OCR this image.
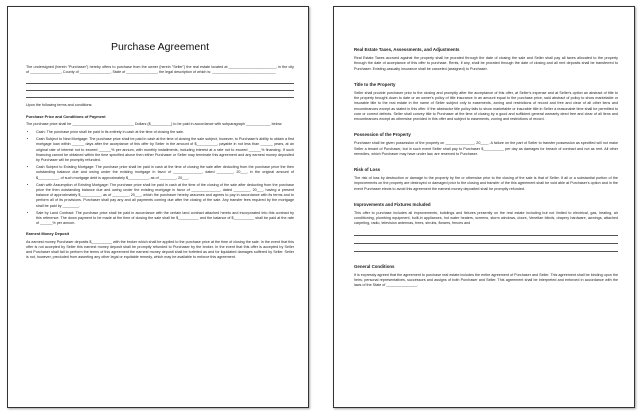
Purchase Agreement

The undersigned (herein "Purchaser") hereby offers to purchase from the owner (herein "Seller") the real estate located at _______________________, in the city of _______________, County of _______________, State of _______________, the legal description of which is: _______________________________

Upon the following terms and conditions:

Purchase Price and Conditions of Payment

The purchase price shall be ______________________________ Dollars ($__________) to be paid in accordance with subparagraph ____________ below:

• Cash: The purchase price shall be paid in its entirety in cash at the time of closing the sale.
• Cash Subject to New Mortgage: The purchase price shall be paid in cash at the time of closing the sale subject, however, to Purchaser's ability to obtain a first mortgage loan within ______ days after the acceptance of this offer by Seller in the amount of $__________, payable in not less than ______ years, at an original rate of interest not to exceed ______% per annum, with monthly installments, including interest at a rate not to exceed ______% financing. If such financing cannot be obtained within the time specified above then either Purchaser or Seller may terminate this agreement and any earnest money deposited by Purchaser will be promptly refunded.
• Cash Subject to Existing Mortgage: The purchase price shall be paid in cash at the time of closing the sale after deducting from the purchase price the then outstanding balance due and owing under the existing mortgage in favor of ______________, dated ________, 20___, in the original amount of $__________, of such mortgage debt is approximately $__________, as of ________, 20___.
• Cash with Assumption of Existing Mortgage: The purchase price shall be paid in cash at the time of the closing of the sale after deducting from the purchase price the then outstanding balance due and owing under the existing mortgage in favor of ______________, dated ________, 20___, having a present balance of approximately $__________, as of ________, 20___, which the purchaser hereby assumes and agrees to pay in accordance with its terms and to perform all of its provisions. Purchaser shall pay any and all payments coming due after the closing of the sale. Any transfer fees required by the mortgage shall be paid by ________.
• Sale by Land Contract: The purchase price shall be paid in accordance with the certain land contract attached hereto and incorporated into this contract by this reference. The down payment to be made at the time of closing the sale shall be $__________ and the balance of $__________ shall be paid at the rate of ______% per annum.
Earnest Money Deposit

As earnest money Purchaser deposits $__________ with the broker which shall be applied to the purchase price at the time of closing the sale. In the event that this offer is not accepted by Seller this earnest money deposit shall be promptly refunded to Purchaser by the broker. In the event that this offer is accepted by Seller and Purchaser shall fail to perform the terms of this agreement the earnest money deposit shall be forfeited as and for liquidated damages suffered by Seller. Seller is not, however, precluded from asserting any other legal or equitable remedy, which may be available to enforce this agreement.

Real Estate Taxes, Assessments, and Adjustments

Real Estate Taxes accrued against the property shall be prorated through the date of closing the sale and Seller shall pay all taxes allocated to the property through the date of acceptance of this offer to purchase. Rents, if any, shall be prorated through the date of closing and all rent deposits shall be transferred to Purchaser. Existing casualty insurance shall be canceled (assigned) to Purchaser.

Title to the Property

Seller shall provide purchaser prior to the closing and promptly after the acceptance of this offer, at Seller's expense and at Seller's option an abstract of title to the property brought down to date or an owner's policy of title insurance in an amount equal to the purchase price, said abstract of policy to show marketable or insurable title to the real estate in the name of Seller subject only to easements, zoning and restrictions of record and free and clear of all other liens and encumbrances except as stated in this offer. If the abstractor title policy fails to show marketable or insurable title in Seller a reasonable time shall be permitted to cure or correct defects. Seller shall convey title to Purchaser at the time of closing by a good and sufficient general warranty deed free and clear of all liens and encumbrances except as otherwise provided in this offer and subject to easements, zoning and restrictions of record.

Possession of the Property

Purchaser shall be given possession of the property on ______________, 20____. A failure on the part of Seller to transfer possession as specified will not make Seller a tenant of Purchaser, but in such event Seller shall pay to Purchaser $__________ per day as damages for breach of contract and not as rent. All other remedies, which Purchaser may have under law, are reserved to Purchaser.

Risk of Loss

The risk of loss by destruction or damage to the property by fire or otherwise prior to the closing of the sale is that of Seller. If all or a substantial portion of the improvements on the property are destroyed or damaged prior to the closing and transfer of the this agreement shall be void able at Purchaser's option and in the event Purchaser elects to avoid this agreement the earnest money deposited shall be promptly refunded.

Improvements and Fixtures Included

This offer to purchase includes all improvements, buildings and fixtures presently on the real estate including but not limited to electrical, gas, heating, air conditioning, plumbing equipment, built-in appliances, hot water heaters, screens, storm windows, doors, Venetian blinds, drapery hardware, awnings, attached carpeting, radio, television antennas, trees, shrubs, flowers, fences and

General Conditions

It is expressly agreed that the agreement to purchase real estate includes the entire agreement of Purchaser and Seller. This agreement shall be binding upon the heirs, personal representatives, successors and assigns of both Purchaser and Seller. This agreement shall be interpreted and enforced in accordance with the laws of the State of _______________.
